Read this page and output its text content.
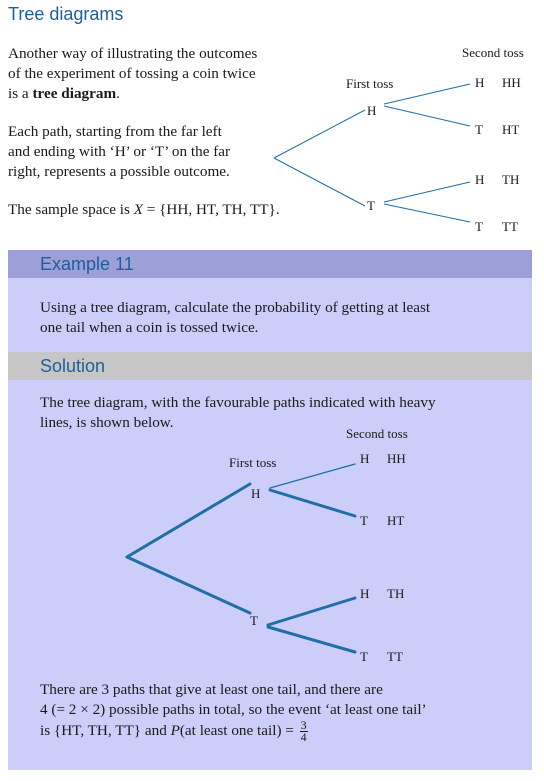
Tree diagrams
Another way of illustrating the outcomes
of the experiment of tossing a coin twice
is a tree diagram.
Each path, starting from the far left
and ending with ‘H’ or ‘T’ on the far
right, represents a possible outcome.
The sample space is X = {HH, HT, TH, TT}.
First toss
Second toss
H
T
H
T
H
T
HH
HT
TH
TT
Example 11
Using a tree diagram, calculate the probability of getting at least
one tail when a coin is tossed twice.
Solution
The tree diagram, with the favourable paths indicated with heavy
lines, is shown below.
First toss
Second toss
H
T
H
T
H
T
HH
HT
TH
TT
There are 3 paths that give at least one tail, and there are
4 (= 2 × 2) possible paths in total, so the event ‘at least one tail’
is {HT, TH, TT} and P(at least one tail) = $\frac{3}{4}$
